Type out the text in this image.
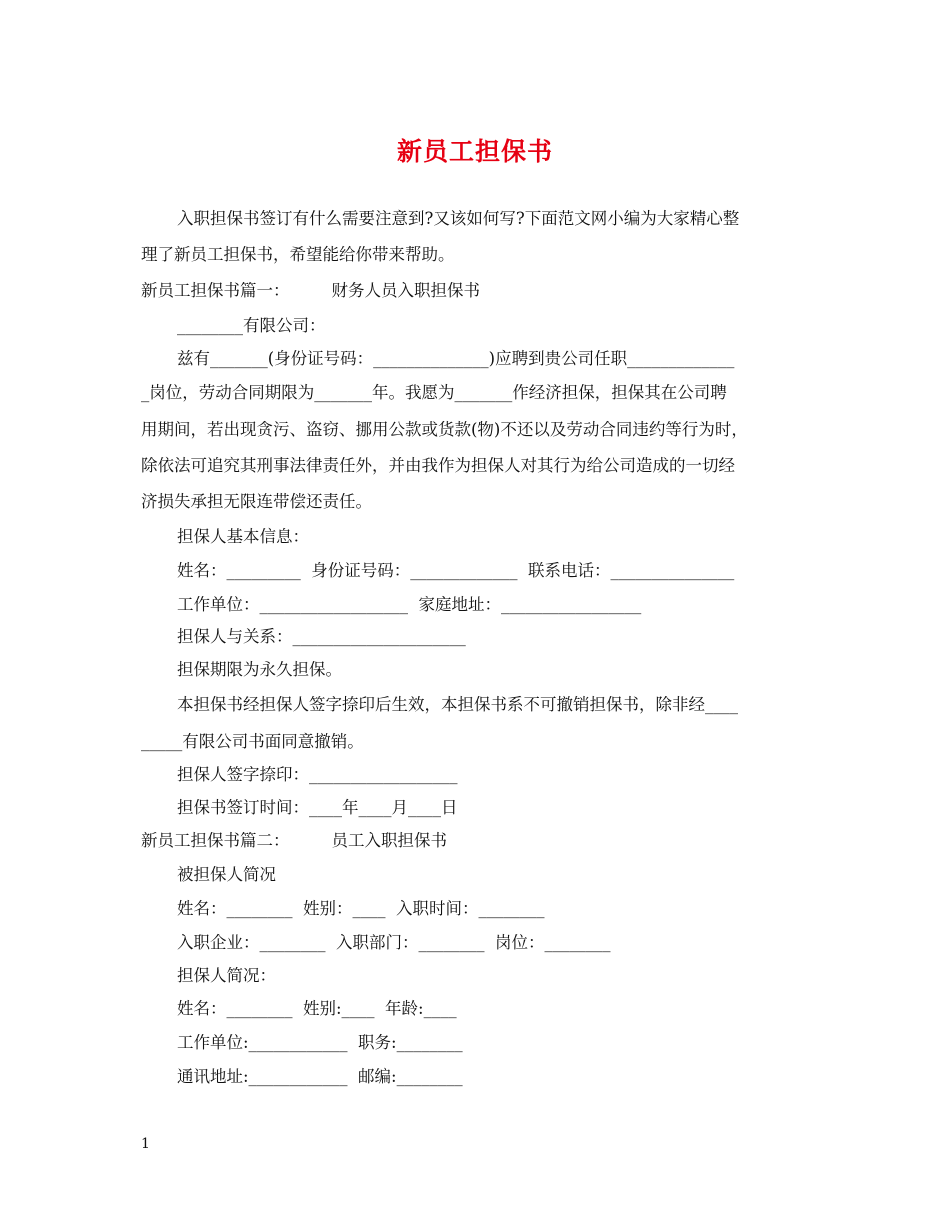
新员工担保书
入职担保书签订有什么需要注意到?又该如何写?下面范文网小编为大家精心整
理了新员工担保书，希望能给你带来帮助。
新员工担保书篇一：        财务人员入职担保书
________有限公司：
兹有_______(身份证号码：______________)应聘到贵公司任职_____________
_岗位，劳动合同期限为_______年。我愿为_______作经济担保，担保其在公司聘
用期间，若出现贪污、盗窃、挪用公款或货款(物)不还以及劳动合同违约等行为时，
除依法可追究其刑事法律责任外，并由我作为担保人对其行为给公司造成的一切经
济损失承担无限连带偿还责任。
担保人基本信息：
姓名：_________  身份证号码：_____________  联系电话：_______________
工作单位：__________________  家庭地址：_________________
担保人与关系：_____________________
担保期限为永久担保。
本担保书经担保人签字捺印后生效，本担保书系不可撤销担保书，除非经____
_____有限公司书面同意撤销。
担保人签字捺印：__________________
担保书签订时间：____年____月____日
新员工担保书篇二：        员工入职担保书
被担保人简况
姓名：________  姓别：____  入职时间：________
入职企业：________  入职部门：________  岗位：________
担保人简况：
姓名：________  姓别:____  年龄:____
工作单位:____________  职务:________
通讯地址:____________  邮编:________
1
